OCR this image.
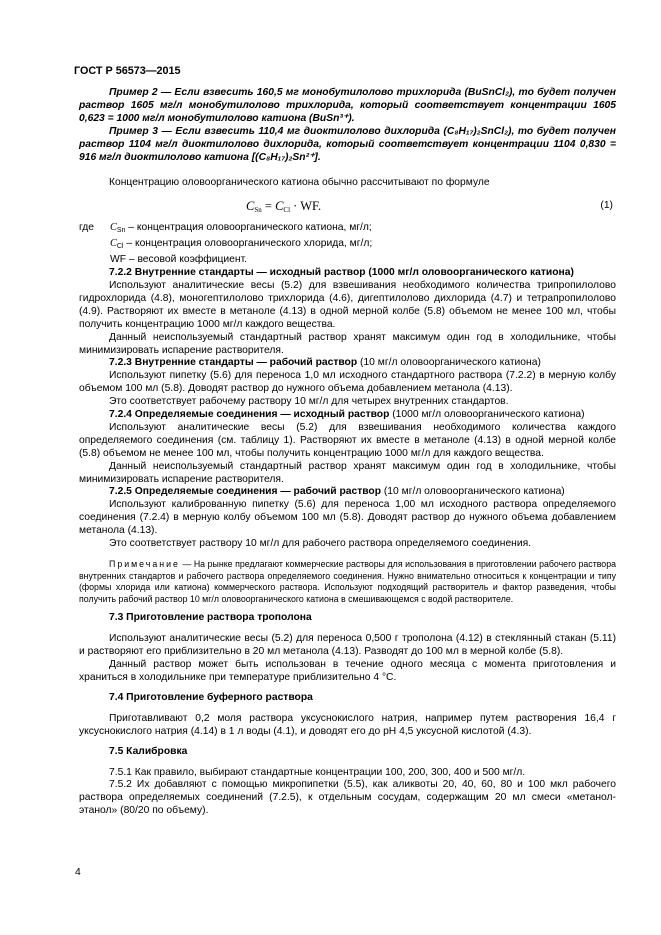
ГОСТ Р 56573—2015

Пример 2 — Если взвесить 160,5 мг монобутилолово трихлорида (BuSnCl₂), то будет получен раствор 1605 мг/л монобутилолово трихлорида, который соответствует концентрации 1605 0,623 = 1000 мг/л монобутилолово катиона (BuSn³⁺).

Пример 3 — Если взвесить 110,4 мг диоктилолово дихлорида (C₈H₁₇)₂SnCl₂), то будет получен раствор 1104 мг/л диоктилолово дихлорида, который соответствует концентрации 1104 0,830 = 916 мг/л диоктилолово катиона [(C₈H₁₇)₂Sn²⁺].

Концентрацию оловоорганического катиона обычно рассчитывают по формуле

$C_{Sn} = C_{Cl}$ · WF.	(1)
где $C_{Sn}$ – концентрация оловоорганического катиона, мг/л;
$C_{Cl}$ – концентрация оловоорганического хлорида, мг/л;
WF – весовой коэффициент.

7.2.2 Внутренние стандарты — исходный раствор (1000 мг/л оловоорганического катиона)

Используют аналитические весы (5.2) для взвешивания необходимого количества трипропилолово гидрохлорида (4.8), моногептилолово трихлорида (4.6), дигептилолово дихлорида (4.7) и тетрапропилолово (4.9). Растворяют их вместе в метаноле (4.13) в одной мерной колбе (5.8) объемом не менее 100 мл, чтобы получить концентрацию 1000 мг/л каждого вещества.

Данный неиспользуемый стандартный раствор хранят максимум один год в холодильнике, чтобы минимизировать испарение растворителя.

7.2.3 Внутренние стандарты — рабочий раствор (10 мг/л оловоорганического катиона)

Используют пипетку (5.6) для переноса 1,0 мл исходного стандартного раствора (7.2.2) в мерную колбу объемом 100 мл (5.8). Доводят раствор до нужного объема добавлением метанола (4.13).

Это соответствует рабочему раствору 10 мг/л для четырех внутренних стандартов.

7.2.4 Определяемые соединения — исходный раствор (1000 мг/л оловоорганического катиона)

Используют аналитические весы (5.2) для взвешивания необходимого количества каждого определяемого соединения (см. таблицу 1). Растворяют их вместе в метаноле (4.13) в одной мерной колбе (5.8) объемом не менее 100 мл, чтобы получить концентрацию 1000 мг/л для каждого вещества.

Данный неиспользуемый стандартный раствор хранят максимум один год в холодильнике, чтобы минимизировать испарение растворителя.

7.2.5 Определяемые соединения — рабочий раствор (10 мг/л оловоорганического катиона)

Используют калиброванную пипетку (5.6) для переноса 1,00 мл исходного раствора определяемого соединения (7.2.4) в мерную колбу объемом 100 мл (5.8). Доводят раствор до нужного объема добавлением метанола (4.13).

Это соответствует раствору 10 мг/л для рабочего раствора определяемого соединения.

Примечание — На рынке предлагают коммерческие растворы для использования в приготовлении рабочего раствора внутренних стандартов и рабочего раствора определяемого соединения. Нужно внимательно относиться к концентрации и типу (формы хлорида или катиона) коммерческого раствора. Используют подходящий растворитель и фактор разведения, чтобы получить рабочий раствор 10 мг/л оловоорганического катиона в смешивающемся с водой растворителе.

7.3 Приготовление раствора трополона

Используют аналитические весы (5.2) для переноса 0,500 г трополона (4.12) в стеклянный стакан (5.11) и растворяют его приблизительно в 20 мл метанола (4.13). Разводят до 100 мл в мерной колбе (5.8).

Данный раствор может быть использован в течение одного месяца с момента приготовления и храниться в холодильнике при температуре приблизительно 4 °C.

7.4 Приготовление буферного раствора

Приготавливают 0,2 моля раствора уксуснокислого натрия, например путем растворения 16,4 г уксуснокислого натрия (4.14) в 1 л воды (4.1), и доводят его до pH 4,5 уксусной кислотой (4.3).

7.5 Калибровка

7.5.1 Как правило, выбирают стандартные концентрации 100, 200, 300, 400 и 500 мг/л.

7.5.2 Их добавляют с помощью микропипетки (5.5), как аликвоты 20, 40, 60, 80 и 100 мкл рабочего раствора определяемых соединений (7.2.5), к отдельным сосудам, содержащим 20 мл смеси «метанол-этанол» (80/20 по объему).

4
